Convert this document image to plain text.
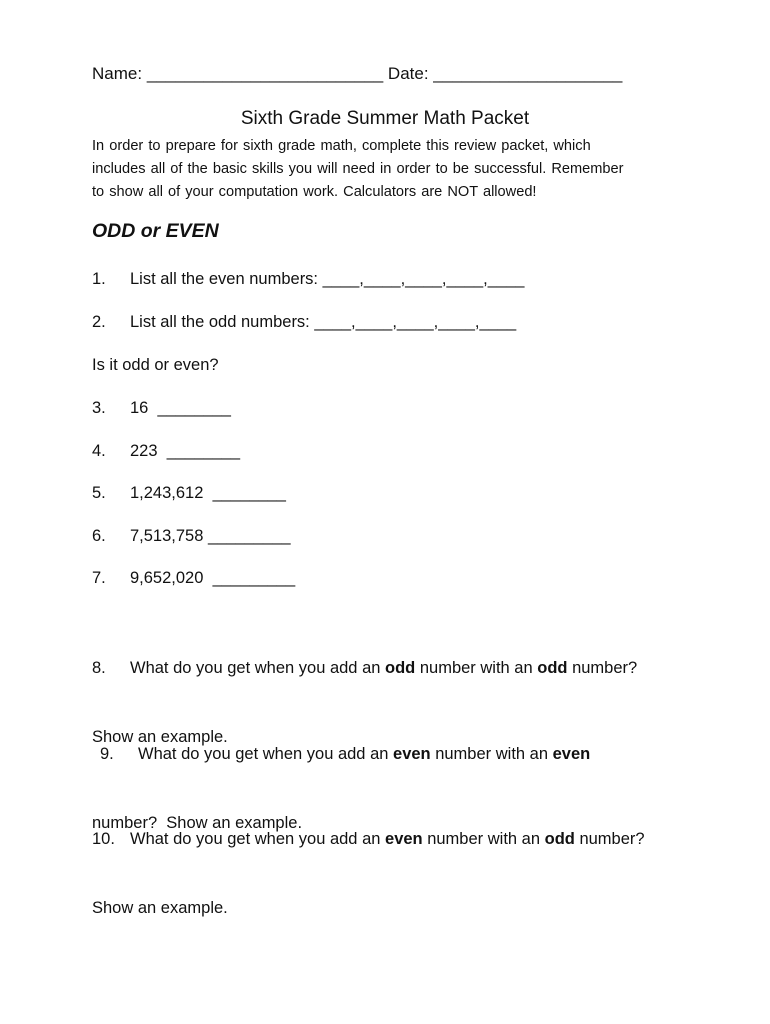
Name: _________________________ Date: ____________________
Sixth Grade Summer Math Packet
In order to prepare for sixth grade math, complete this review packet, which
includes all of the basic skills you will need in order to be successful. Remember
to show all of your computation work. Calculators are NOT allowed!
ODD or EVEN
1. List all the even numbers: ____,____,____,____,____
2. List all the odd numbers: ____,____,____,____,____
Is it odd or even?
3. 16  ________
4. 223  ________
5. 1,243,612  ________
6. 7,513,758 _________
7. 9,652,020  _________

8. What do you get when you add an odd number with an odd number?

Show an example.

9. What do you get when you add an even number with an even

number?  Show an example.

10. What do you get when you add an even number with an odd number?

Show an example.
